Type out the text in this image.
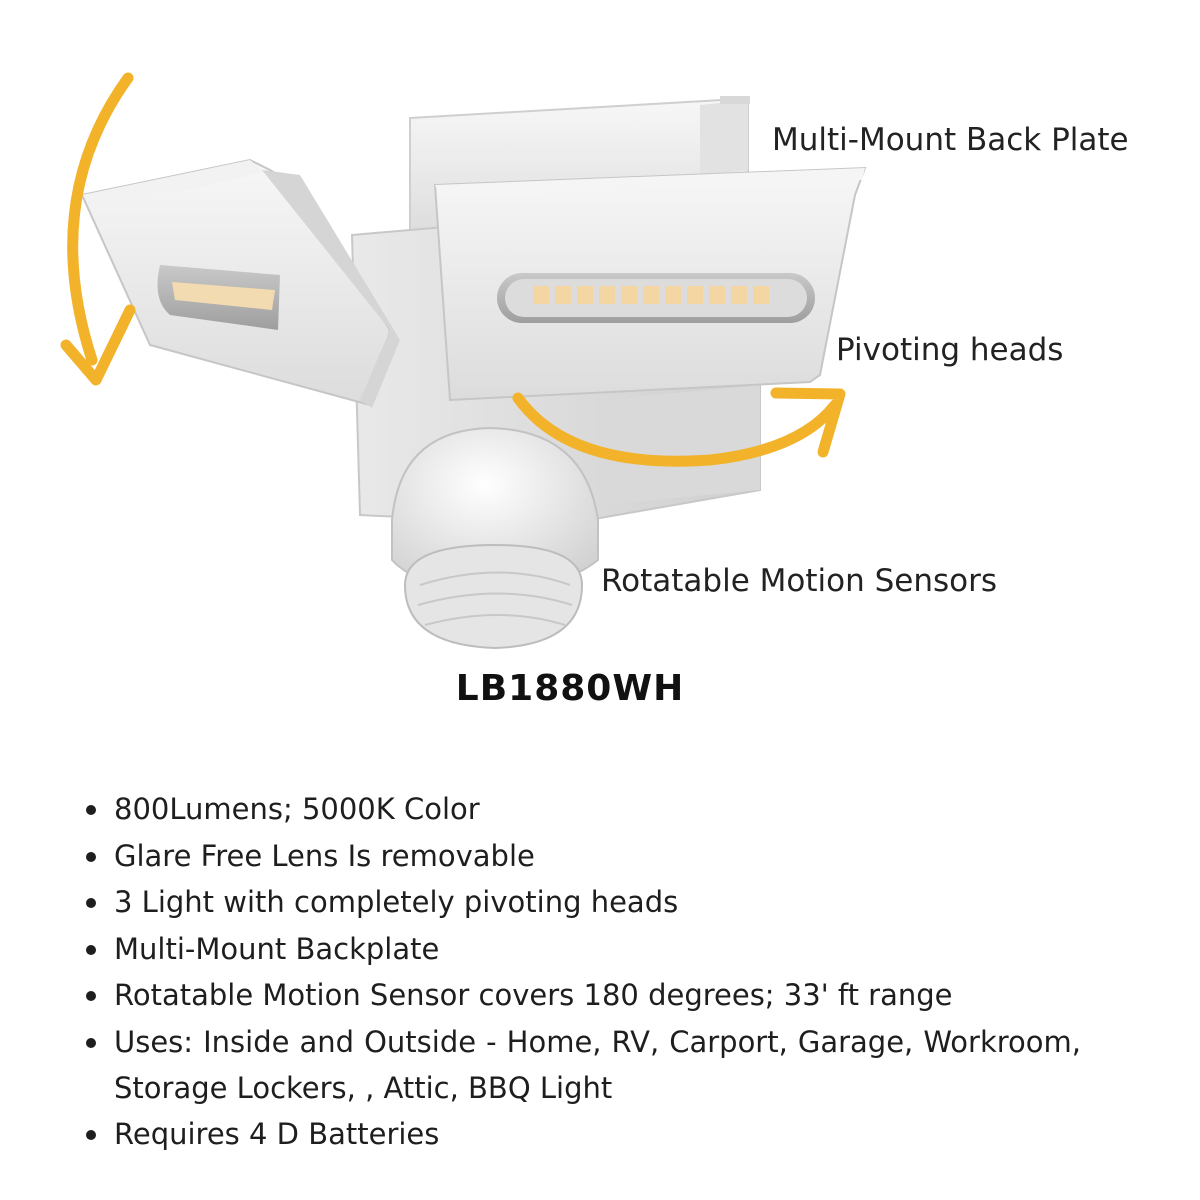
Multi-Mount Back Plate
Pivoting heads
Rotatable Motion Sensors
LB1880WH
800Lumens; 5000K Color
Glare Free Lens Is removable
3 Light with completely pivoting heads
Multi-Mount Backplate
Rotatable Motion Sensor covers 180 degrees; 33' ft range
Uses: Inside and Outside - Home, RV, Carport, Garage, Workroom, Storage Lockers, , Attic, BBQ Light
Requires 4 D Batteries
